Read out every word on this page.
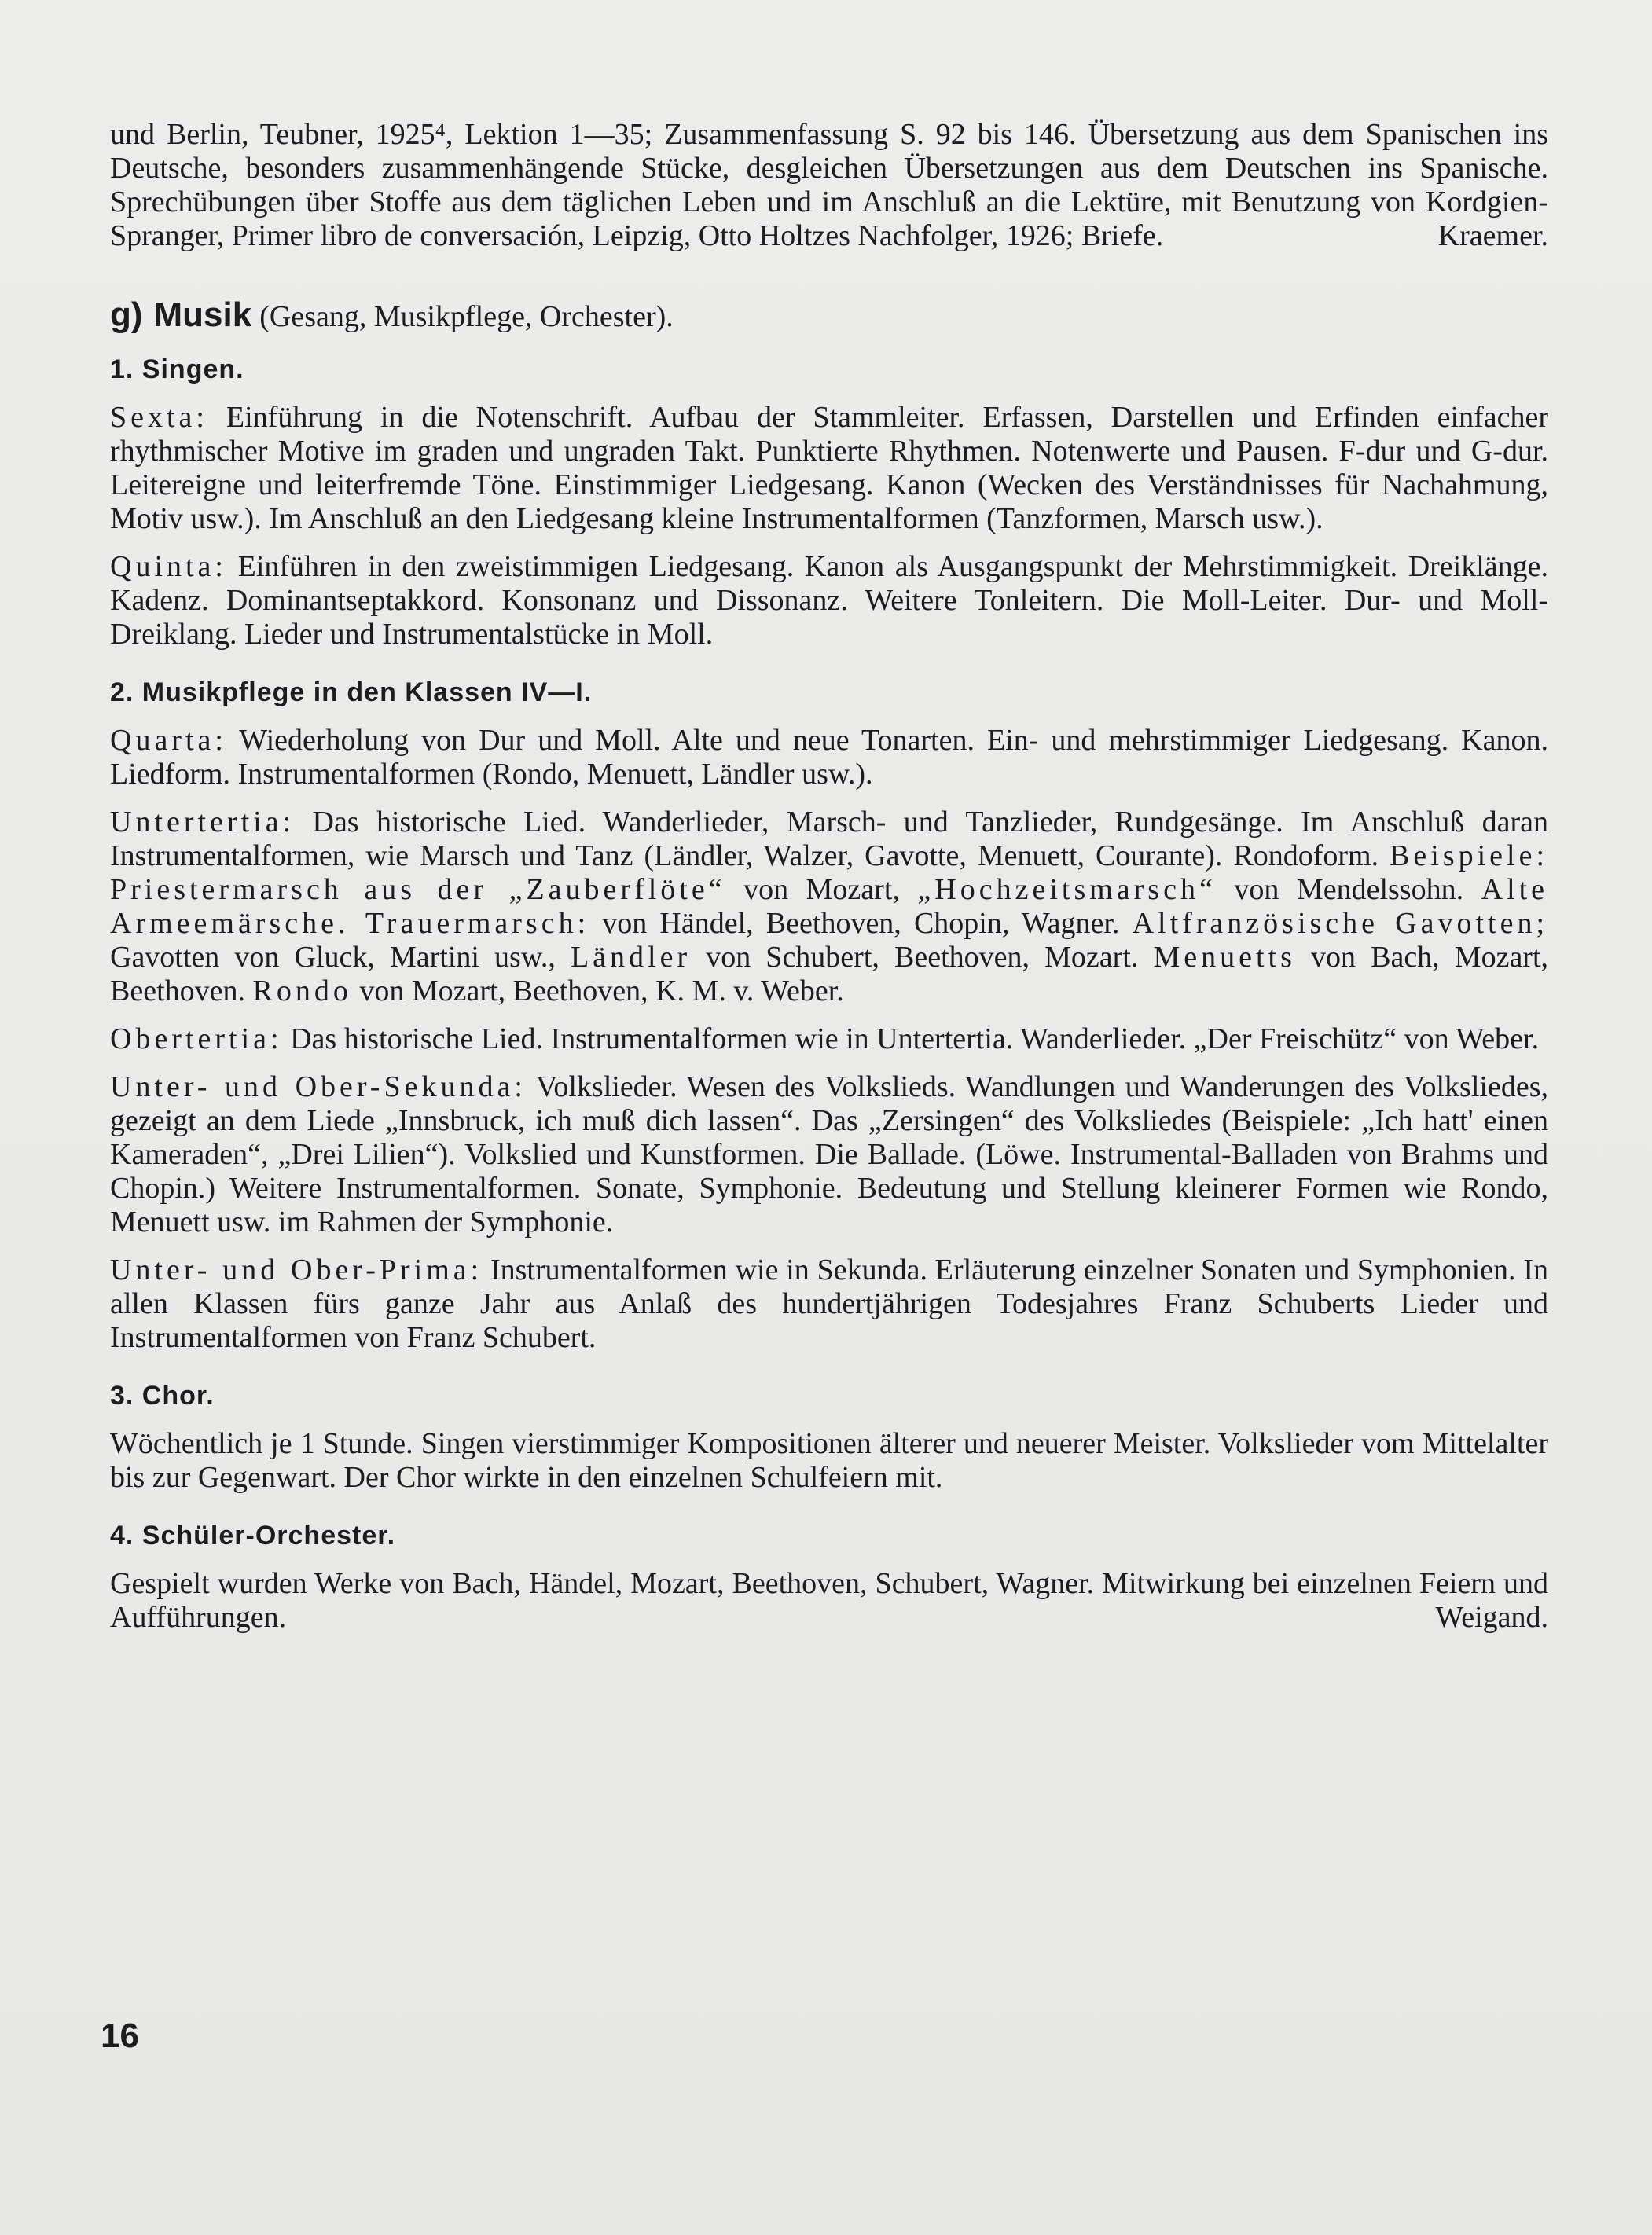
und Berlin, Teubner, 1925⁴, Lektion 1—35; Zusammenfassung S. 92 bis 146. Übersetzung aus dem Spanischen ins Deutsche, besonders zusammenhängende Stücke, desgleichen Übersetzungen aus dem Deutschen ins Spanische. Sprechübungen über Stoffe aus dem täglichen Leben und im Anschluß an die Lektüre, mit Benutzung von Kordgien-Spranger, Primer libro de conversación, Leipzig, Otto Holtzes Nachfolger, 1926; Briefe.	Kraemer.

g) Musik (Gesang, Musikpflege, Orchester).
1. Singen.

Sexta: Einführung in die Notenschrift. Aufbau der Stammleiter. Erfassen, Darstellen und Erfinden einfacher rhythmischer Motive im graden und ungraden Takt. Punktierte Rhythmen. Notenwerte und Pausen. F-dur und G-dur. Leitereigne und leiterfremde Töne. Einstimmiger Liedgesang. Kanon (Wecken des Verständnisses für Nachahmung, Motiv usw.). Im Anschluß an den Liedgesang kleine Instrumentalformen (Tanzformen, Marsch usw.).

Quinta: Einführen in den zweistimmigen Liedgesang. Kanon als Ausgangspunkt der Mehrstimmigkeit. Dreiklänge. Kadenz. Dominantseptakkord. Konsonanz und Dissonanz. Weitere Tonleitern. Die Moll-Leiter. Dur- und Moll-Dreiklang. Lieder und Instrumentalstücke in Moll.

2. Musikpflege in den Klassen IV—I.

Quarta: Wiederholung von Dur und Moll. Alte und neue Tonarten. Ein- und mehrstimmiger Liedgesang. Kanon. Liedform. Instrumentalformen (Rondo, Menuett, Ländler usw.).

Untertertia: Das historische Lied. Wanderlieder, Marsch- und Tanzlieder, Rundgesänge. Im Anschluß daran Instrumentalformen, wie Marsch und Tanz (Ländler, Walzer, Gavotte, Menuett, Courante). Rondoform. Beispiele: Priestermarsch aus der „Zauberflöte“ von Mozart, „Hochzeitsmarsch“ von Mendelssohn. Alte Armeemärsche. Trauermarsch: von Händel, Beethoven, Chopin, Wagner. Altfranzösische Gavotten; Gavotten von Gluck, Martini usw., Ländler von Schubert, Beethoven, Mozart. Menuetts von Bach, Mozart, Beethoven. Rondo von Mozart, Beethoven, K. M. v. Weber.

Obertertia: Das historische Lied. Instrumentalformen wie in Untertertia. Wanderlieder. „Der Freischütz“ von Weber.

Unter- und Ober-Sekunda: Volkslieder. Wesen des Volkslieds. Wandlungen und Wanderungen des Volksliedes, gezeigt an dem Liede „Innsbruck, ich muß dich lassen“. Das „Zersingen“ des Volksliedes (Beispiele: „Ich hatt' einen Kameraden“, „Drei Lilien“). Volkslied und Kunstformen. Die Ballade. (Löwe. Instrumental-Balladen von Brahms und Chopin.) Weitere Instrumentalformen. Sonate, Symphonie. Bedeutung und Stellung kleinerer Formen wie Rondo, Menuett usw. im Rahmen der Symphonie.

Unter- und Ober-Prima: Instrumentalformen wie in Sekunda. Erläuterung einzelner Sonaten und Symphonien. In allen Klassen fürs ganze Jahr aus Anlaß des hundertjährigen Todesjahres Franz Schuberts Lieder und Instrumentalformen von Franz Schubert.

3. Chor.

Wöchentlich je 1 Stunde. Singen vierstimmiger Kompositionen älterer und neuerer Meister. Volkslieder vom Mittelalter bis zur Gegenwart. Der Chor wirkte in den einzelnen Schulfeiern mit.

4. Schüler-Orchester.

Gespielt wurden Werke von Bach, Händel, Mozart, Beethoven, Schubert, Wagner. Mitwirkung bei einzelnen Feiern und Aufführungen.	Weigand.

16
